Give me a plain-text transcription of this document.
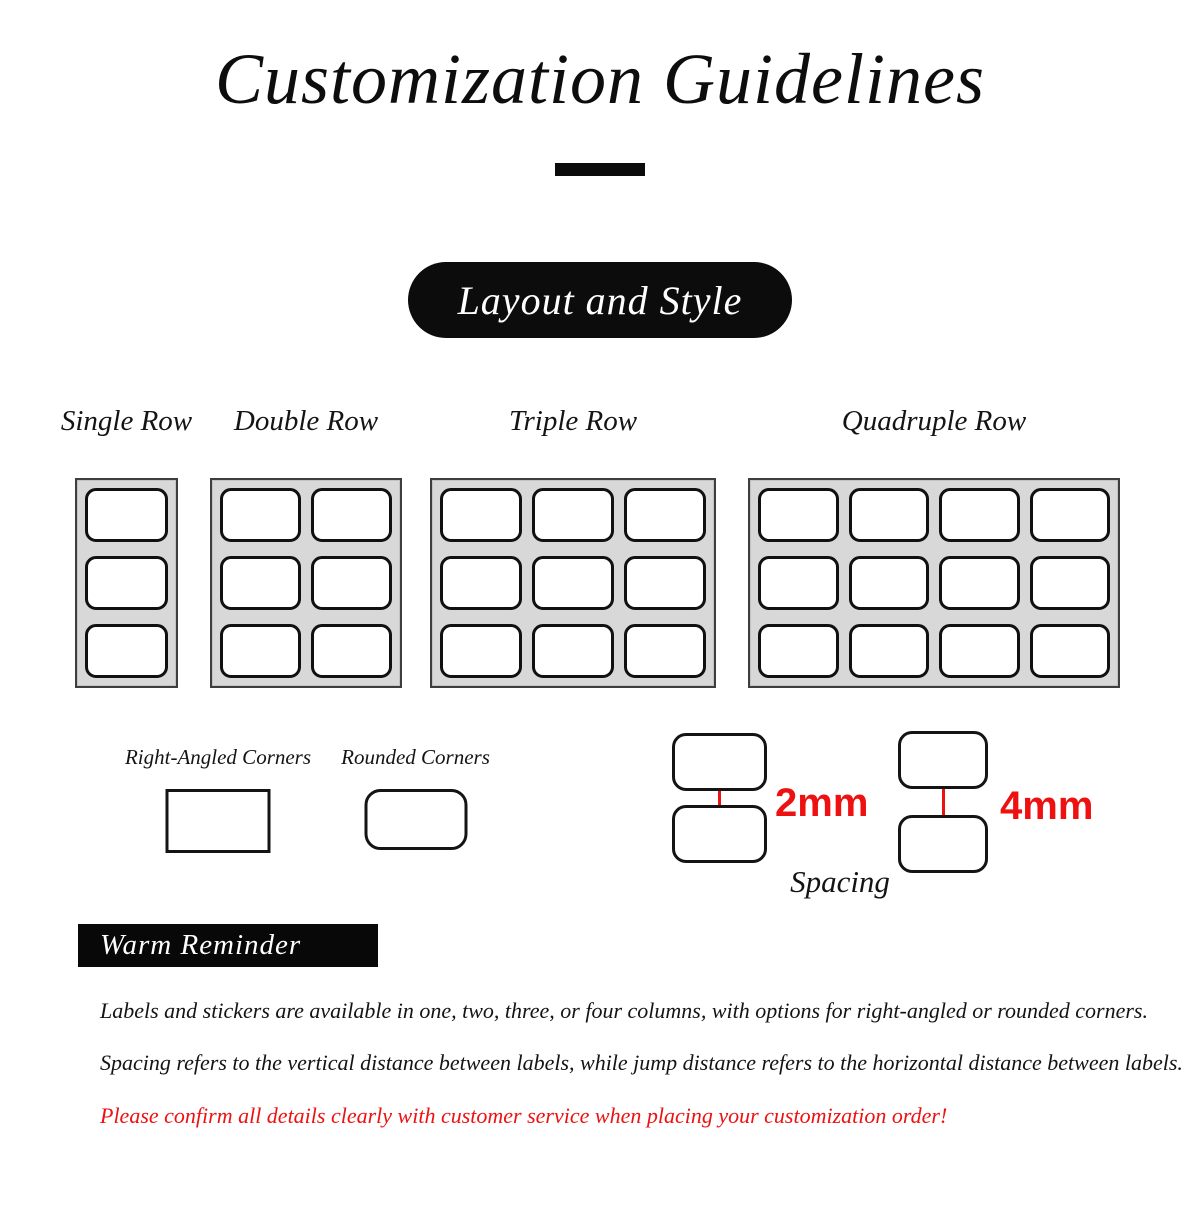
Customization Guidelines
Layout and Style
Single Row Double Row	Triple Row	Quadruple Row
Right-Angled Corners Rounded Corners
2mm	4mm
Spacing
Warm Reminder

Labels and stickers are available in one, two, three, or four columns, with options for right-angled or rounded corners.

Spacing refers to the vertical distance between labels, while jump distance refers to the horizontal distance between labels.

Please confirm all details clearly with customer service when placing your customization order!
